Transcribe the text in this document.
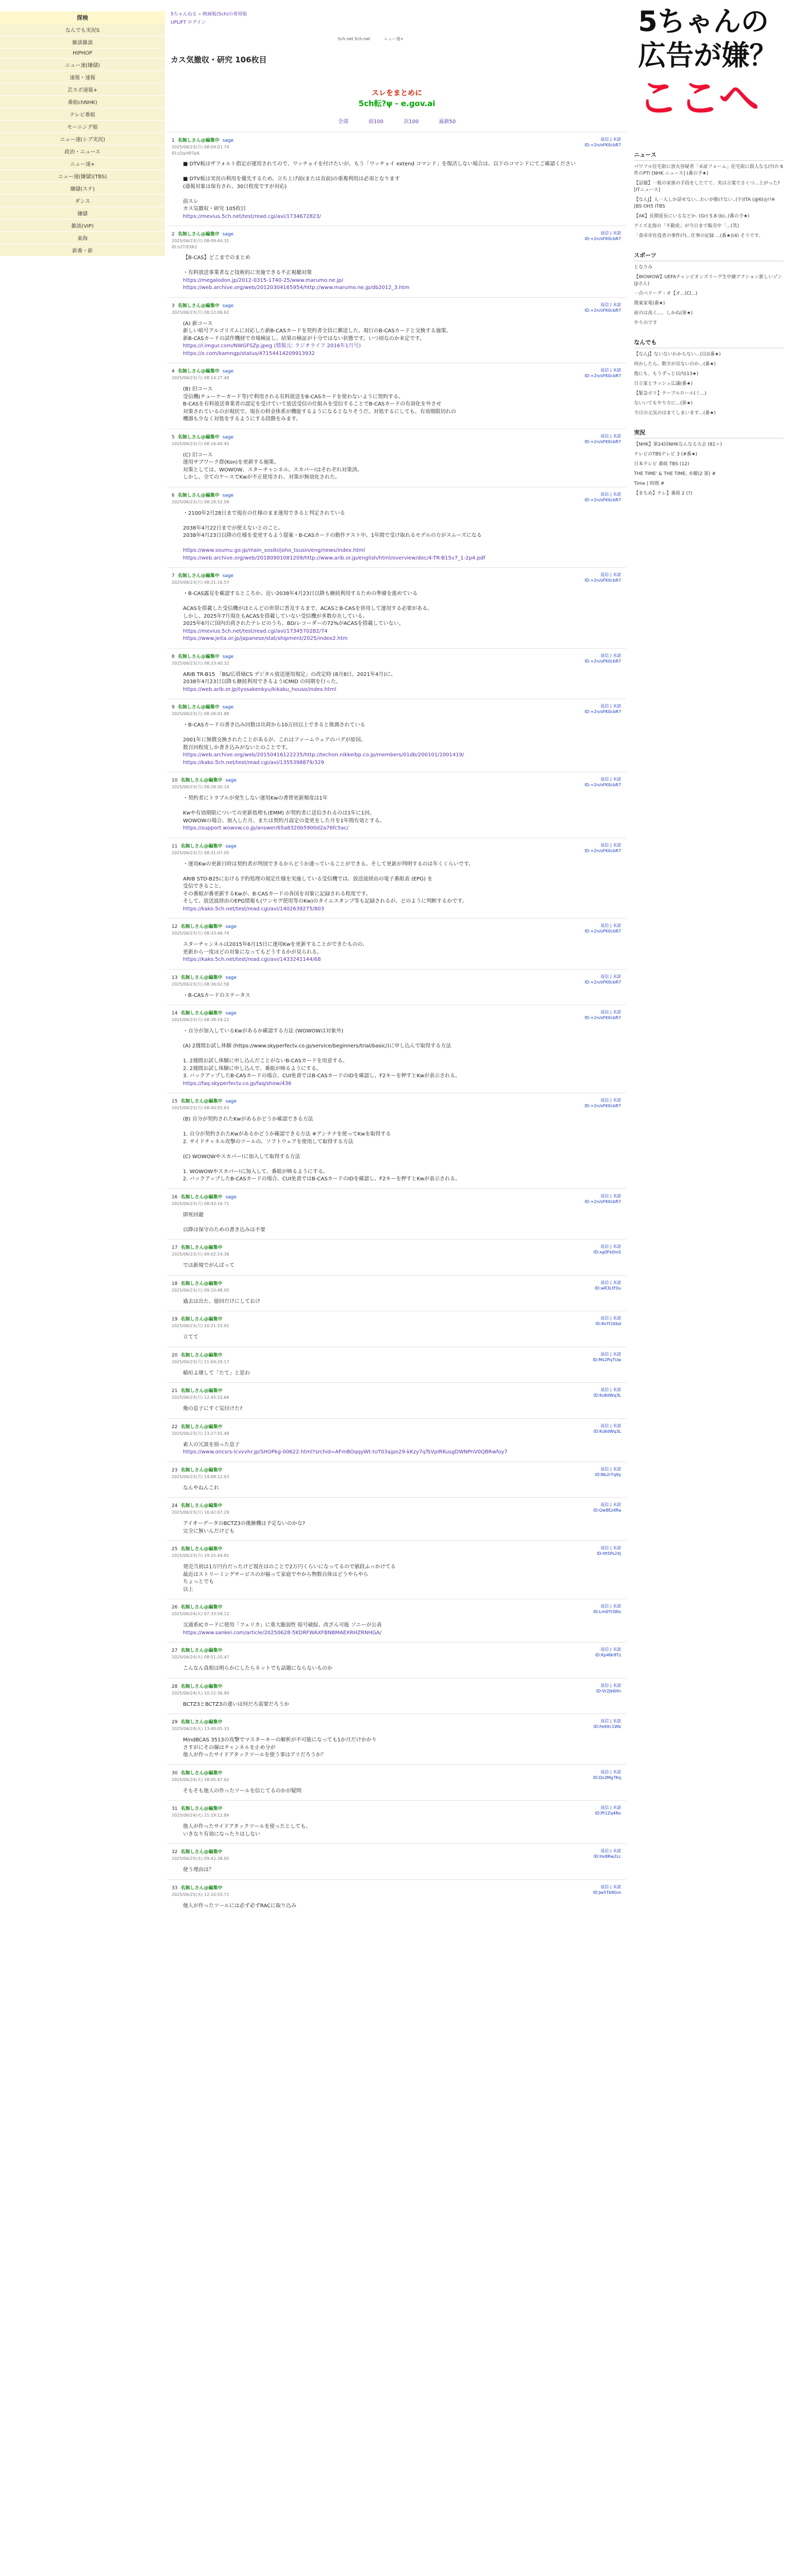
探検
なんでも実況S
雑談雑談
HIPHOP
ニュー速(嫌儲)
速報・速報
芸スポ速報+
番組chNHK)
テレビ番組
モーニング娘
ニュー速(シブ実況)
政治・ニュース
ニュー速+
ニュー速(嫌儲)(TBS)
嫌儲(ステ)
ダンス
嫌儲
雑談(VIP)
東海
新番・新
5ちゃんねる » 映画板(5ch)の専用版
UPLIFT ログイン
5ch.net 5ch.net	ニュー速+
カス気撤収・研究 106枚目
スレをまとめに
5ch転?ψ - e.gov.ai
全部	前100	次100	最新50
1 名無しさん@編集中 sage
2025/06/23(月) 08:04:01.74
ID:z2q/d97pA
返信 | 未読
ID:+2n/oFK0cbR7
■ DTV板はザフォルト指定が運用されてので、ワッチョイを付けたいが、もう「ワッチョイ extend コマンド」を復活しない場合は、以下のコマンドにてご確認ください

■ DTV板は実況の利用を優先するため、立ち上げ前(または直前)の重複利用は必須となります
(通報対象は保有され、30日程度ですが対応)

前スレ
カス気撤収・研究 105枚目
https://mevius.5ch.net/test/read.cgi/avi/1734672823/
2 名無しさん@編集中 sage
2025/06/23(月) 08:09:44.31
ID:n2T/EXK2
返信 | 未読
ID:+2n/oFK0cbR7
【B-CAS】どこまでのまとめ

・有料放送事業者など技術的に実施できる不正視聴対策
https://megalodon.jp/2012-0315-1740-25/www.marumo.ne.jp/
https://web.archive.org/web/20120304165954/http://www.marumo.ne.jp/db2012_3.htm
3 名無しさん@編集中 sage
2025/06/23(月) 08:12:06.62
返信 | 未読
ID:+2n/oFK0cbR7
(A) 新コース
新しい暗号アルゴリズムに対応した新B-CASカードを契約者全員に郵送した。現行のB-CASカードと交換する施策。
新B-CASカードの試作機経で市場検証し、結果の検証が十分ではない状態です。いつ頃なのか未定です。

https://i.imgur.com/NWGFSZp.jpeg (情報元: ラジオライフ 2016年1月号)
https://x.com/kamngp/status/47154414209913932
4 名無しさん@編集中 sage
2025/06/23(月) 08:14:27.40
返信 | 未読
ID:+2n/oFK0cbR7
(B) 旧コース
受信機(チューナーカード等)で利用される有料放送をB-CASカードを使わないように契約する。
B-CASを有料放送事業者の認定を受けていて放送受信の仕組みを受信することでB-CASカードの有効化を外させ
対策されているのが現状で、現在の料金体系が機能するようになるとなりそうだ。対処するにしても、有効期限切れの
機器も少なく対処をするようにする段階をみます。
5 名無しさん@編集中 sage
2025/06/23(月) 08:16:40.45
返信 | 未読
ID:+2n/oFK0cbR7
(C) 旧コース
運用サブワーク群(Kon)を更新する施策。
対策としては、WOWOW、スターチャンネル、スカパー!はそれぞれ対策済。
しかし、全てのケースでKwが不正使用され、対策が無効化された。
6 名無しさん@編集中 sage
2025/06/23(月) 08:18:52.09
返信 | 未読
ID:+2n/oFK0cbR7
・2100年2月28日まで現在の仕様のまま運用できると判定されている

2038年4月22日までが使えないとのこと。
2038年4月23日以降の仕様を変更するよう提案・B-CASカードの動作テスト中。1年間で受け取れるモデルの方がスムーズになる

https://www.soumu.go.jp/main_sosiki/joho_tsusin/eng/news/index.html
https://web.archive.org/web/20180901081209/http://www.arib.or.jp/english/html/overview/doc/4-TR-B15v7_1-2p4.pdf
7 名無しさん@編集中 sage
2025/06/23(月) 08:21:16.57
返信 | 未読
ID:+2n/oFK0cbR7
・B-CAS露見を確認するところか、近い2038年4月23日以降も継続利用するための準備を進めている

ACASを搭載した受信機がほとんどの世帯に普及するまで、ACASとB-CASを併用して運用する必要がある。
しかし、2025年7月現在もACASを搭載していない受信機が多数存在している。
2025年6月に国内出荷されたテレビのうち、BD/レコーダーの72%がACASを搭載していない。
https://mevius.5ch.net/test/read.cgi/avi/1734570282/74
https://www.jeita.or.jp/japanese/stat/shipment/2025/index2.htm
8 名無しさん@編集中 sage
2025/06/23(月) 08:23:40.32
返信 | 未読
ID:+2n/oFK0cbR7
ARIB TR-B15 「BS/広帯域CS デジタル放送運用規定」の改定時 (8月8日、2021年4月)に、
2038年4月23日以降も継続利用できるようICMID の同期を行った。

https://web.arib.or.jp/tyosakenkyu/kikaku_houso/index.html
9 名無しさん@編集中 sage
2025/06/23(月) 08:26:01.88
返信 | 未読
ID:+2n/oFK0cbR7
・B-CASカードの書き込み回数は出荷から10万回以上できると推測されている

2001年に無償交換されたことがあるが、これはファームウェアのバグが原因。
数百回程度しか書き込みがないとのことです。
https://web.archive.org/web/20150416122235/http://techon.nikkeibp.co.jp/members/01db/200101/1001419/
https://kako.5ch.net/test/read.cgi/avi/1355398879/329
10 名無しさん@編集中 sage
2025/06/23(月) 08:28:30.14
返信 | 未読
ID:+2n/oFK0cbR7
・契約者にトラブルが発生しない運用Kwの書替更新頻度は1年

Kwや有効期限についての更新処理も(EMM) が契約者に送信されるのは1年に1回。
WOWOWの場合、加入した月、または契約月設定の変更をした月を1年間有効とする。
https://support.wowow.co.jp/answer/65a8320b5900d2a76fc5ac/
11 名無しさん@編集中 sage
2025/06/23(月) 08:31:07.05
返信 | 未読
ID:+2n/oFK0cbR7
・運用Kwの更新日時は契約者が判別できるからどうか違っていることができる。そして更新が判明するのは年くくらいです。

ARIB STD-B25における予約処理の規定仕様を実施している受信機では、放送波経由の電子番組表 (EPG) を
受信できること。
その番組が番更新するKwが、B-CASカードの各国を対象に記録される程度です。
そして、放送波経由のEPG情報も(ワンセグ使用等のKw)のタイムスタンプ等も記録されるが、どのように判断するかです。
https://kako.5ch.net/test/read.cgi/avi/1402639275/803
12 名無しさん@編集中 sage
2025/06/23(月) 08:33:46.74
返信 | 未読
ID:+2n/oFK0cbR7
スターチャンネルは2015年6月15日に運用Kwを更新することができたものの、
更新から一度ほどの対象になってもどうするかが見られる。
https://kako.5ch.net/test/read.cgi/avi/1433241144/68
13 名無しさん@編集中 sage
2025/06/23(月) 08:36:02.58
返信 | 未読
ID:+2n/oFK0cbR7
・B-CASカードのステータス
14 名無しさん@編集中 sage
2025/06/23(月) 08:38:19.22
返信 | 未読
ID:+2n/oFK0cbR7
・自分が加入しているKwがあるか確認する方法 (WOWOWは対象外)

(A) 2週間お試し体験 (https://www.skyperfectv.co.jp/service/beginners/trial/basic/)に申し込んで取得する方法

1. 2週間お試し体験に申し込んだことがないB-CASカードを用意する。
2. 2週間お試し体験に申し込んで、番組が映るようにする。
3. バックアップしたB-CASカードの場合、CUI免責ではB-CASカードのIDを確認し、F2キーを押すとKwが表示される。
https://faq.skyperfectv.co.jp/faq/show/436
15 名無しさん@編集中 sage
2025/06/23(月) 08:40:55.63
返信 | 未読
ID:+2n/oFK0cbR7
(B) 自分が契約されたKwがあるかどうか確認できる方法

1. 自分が契約されたKwがあるかどうか確認できる方法 ※アンテナを使ってKwを取得する
2. サイドチャネル攻撃のツールの、ソフトウェアを使用して取得する方法

(C) WOWOWやスカパー!に加入して取得する方法

1. WOWOWやスカパー!に加入して、番組が映るようにする。
2. バックアップしたB-CASカードの場合、CUI免責ではB-CASカードのIDを確認し、F2キーを押すとKwが表示される。
16 名無しさん@編集中 sage
2025/06/23(月) 08:43:16.71
返信 | 未読
ID:+2n/oFK0cbR7
即死回避

以降は保守のための書き込みは不要
17 名無しさん@編集中
2025/06/23(月) 09:02:14.36
返信 | 未読
ID:xg0Fk0mS
では新規でがんばって
18 名無しさん@編集中
2025/06/23(月) 09:10:48.05
返信 | 未読
ID:wR3LtF0u
過去は出た、億回だけにしておけ
19 名無しさん@編集中
2025/06/23(月) 10:21:33.92
返信 | 未読
ID:8vYt1Kbd
立てて
20 名無しさん@編集中
2025/06/23(月) 11:04:29.17
返信 | 未読
ID:Ms2Pq7Uw
稲垣よ壊して「たて」と思わ
21 名無しさん@編集中
2025/06/23(月) 12:45:10.66
返信 | 未読
ID:Ks8dWq3L
俺の息子にすぐ気付けた?
22 名無しさん@編集中
2025/06/23(月) 13:27:55.48
返信 | 未読
ID:Ks8dWq3L
素人の冗談を捨った息子
https://www.oncsrs-lcvvvhr.jp/SHOPkg-00622.html?srchid=AFmBOqqyWt-toT03ajpo29-kKzy7qTsVpIRKusgDWNPnV0QBRwfoy7
23 名無しさん@編集中
2025/06/23(月) 14:08:12.03
返信 | 未読
ID:Nb2rTq9y
なんやねんこれ
24 名無しさん@編集中
2025/06/23(月) 16:42:07.29
返信 | 未読
ID:Qw8Ez4Ra
アイオーデータのBCTZ3の後継機は予定ないのかな?
完全に無いんだけども
25 名無しさん@編集中
2025/06/23(月) 19:15:44.81
返信 | 未読
ID:Ht5Ps2Xj
発売当初は1万円台だったけど現在はのことで2万円くらいになってるので値段ふっかけてる
最近はストリーミングサービスのが揃って家庭でやから物数自体はどうやらやら
ちょっとでも
以上
26 名無しさん@編集中
2025/06/24(火) 07:33:58.12
返信 | 未読
ID:Lm6Yt3Ws
交通系ICカードに使用「フェリカ」に重大脆弱性 暗号破綻、改ざん可能 ソニーが公表
https://www.sankei.com/article/20250628-5KDRFWAXFBNBMAEXRHZRNHGA/
27 名無しさん@編集中
2025/06/24(火) 08:51:20.47
返信 | 未読
ID:Kp4Nr8Tz
こんなん真相は明らかにしたらネットでも話題にならないものか
28 名無しさん@編集中
2025/06/24(火) 10:22:36.90
返信 | 未読
ID:Vr2Jk6Hn
BCTZ3とBCTZ3の違いは何だろ需要だろうか
29 名無しさん@編集中
2025/06/24(火) 13:40:05.33
返信 | 未読
ID:Fe9Xc1Wb
MindBCAS 3513の攻撃でマスターキーの解析が不可能になっても1か月だけかかり
さすがにその線はチャンネルを止め分が
他人が作ったサイドアタックツールを使う事はアリだろうか？
30 名無しさん@編集中
2025/06/24(火) 18:05:47.62
返信 | 未読
ID:Ds3Mg7Kq
そもそも他人の作ったツールを信じてるのかが疑問
31 名無しさん@編集中
2025/06/24(火) 21:19:12.84
返信 | 未読
ID:Pt1Zq4Nv
他人が作ったサイドアタックツールを使ったとしても、
いきなり有効になったりはしない
32 名無しさん@編集中
2025/06/25(水) 09:42:38.05
返信 | 未読
ID:Hx8Rw2Lc
使う理由は？
33 名無しさん@編集中
2025/06/25(水) 12:10:55.71
返信 | 未読
ID:Jw5Tb9Gm
他人が作ったツールには必ず必ずRACに取り込み
5ちゃんの
広告が嫌？
ここへ
ニュース
パワフル住宅街に放火容疑者「未証フォーム」住宅街に殺人なる(?)の 6件のPTI [NHK ニュース] (番の予★)
【話題】一般の家族の手段をしたてて、実は言葉でさくつ...上がった? [ITニュース]
【なんJ】人一人しか話せない...わいが動けない..(少)ITA (@6(◎!!※ [BS OH5 ITBS
【AK】長期延長にいるなどか. (Gr) 5.8 (b)..(番の予★)
アイズ北海の「不動産」が今日まで販売中「...(笑)
「食卓市社役者の事件(?)...仕事の記録 ...(番★)(4) そうです。
スポーツ
となりみ
【WOWOW】UEFAチャンピオンズリーグ生中継アクション新しいゾン(Jiさん)
一点ベリーグ・オ【オ...(Cl...)
関東家電(番★)
前のは高く、、、しかね(第★)
やりのです
なんでも
【なんJ】ないないわからない...(以)(番★)
何かしたら、数字が出ないのか...(番★)
他にも、もうずっと以内(13★)
日立家とラッシュ広議(番★)
【緊急ポリ】テーブルロール(ミ...)
ないいてもやり方に...(第★)
今日の元気のはまてしまいます...(番★)
実況
【NHK】第24回NHKなんなる大会 (81ヶ)
テレビのTBSテレビ 3 (#番★)
日本テレビ 番組 TBS (12)
THE TIME' & THE TIME, 木曜(2 第) #
Time | 時間 #
【まちめ】テレ】番組 2 (?)
